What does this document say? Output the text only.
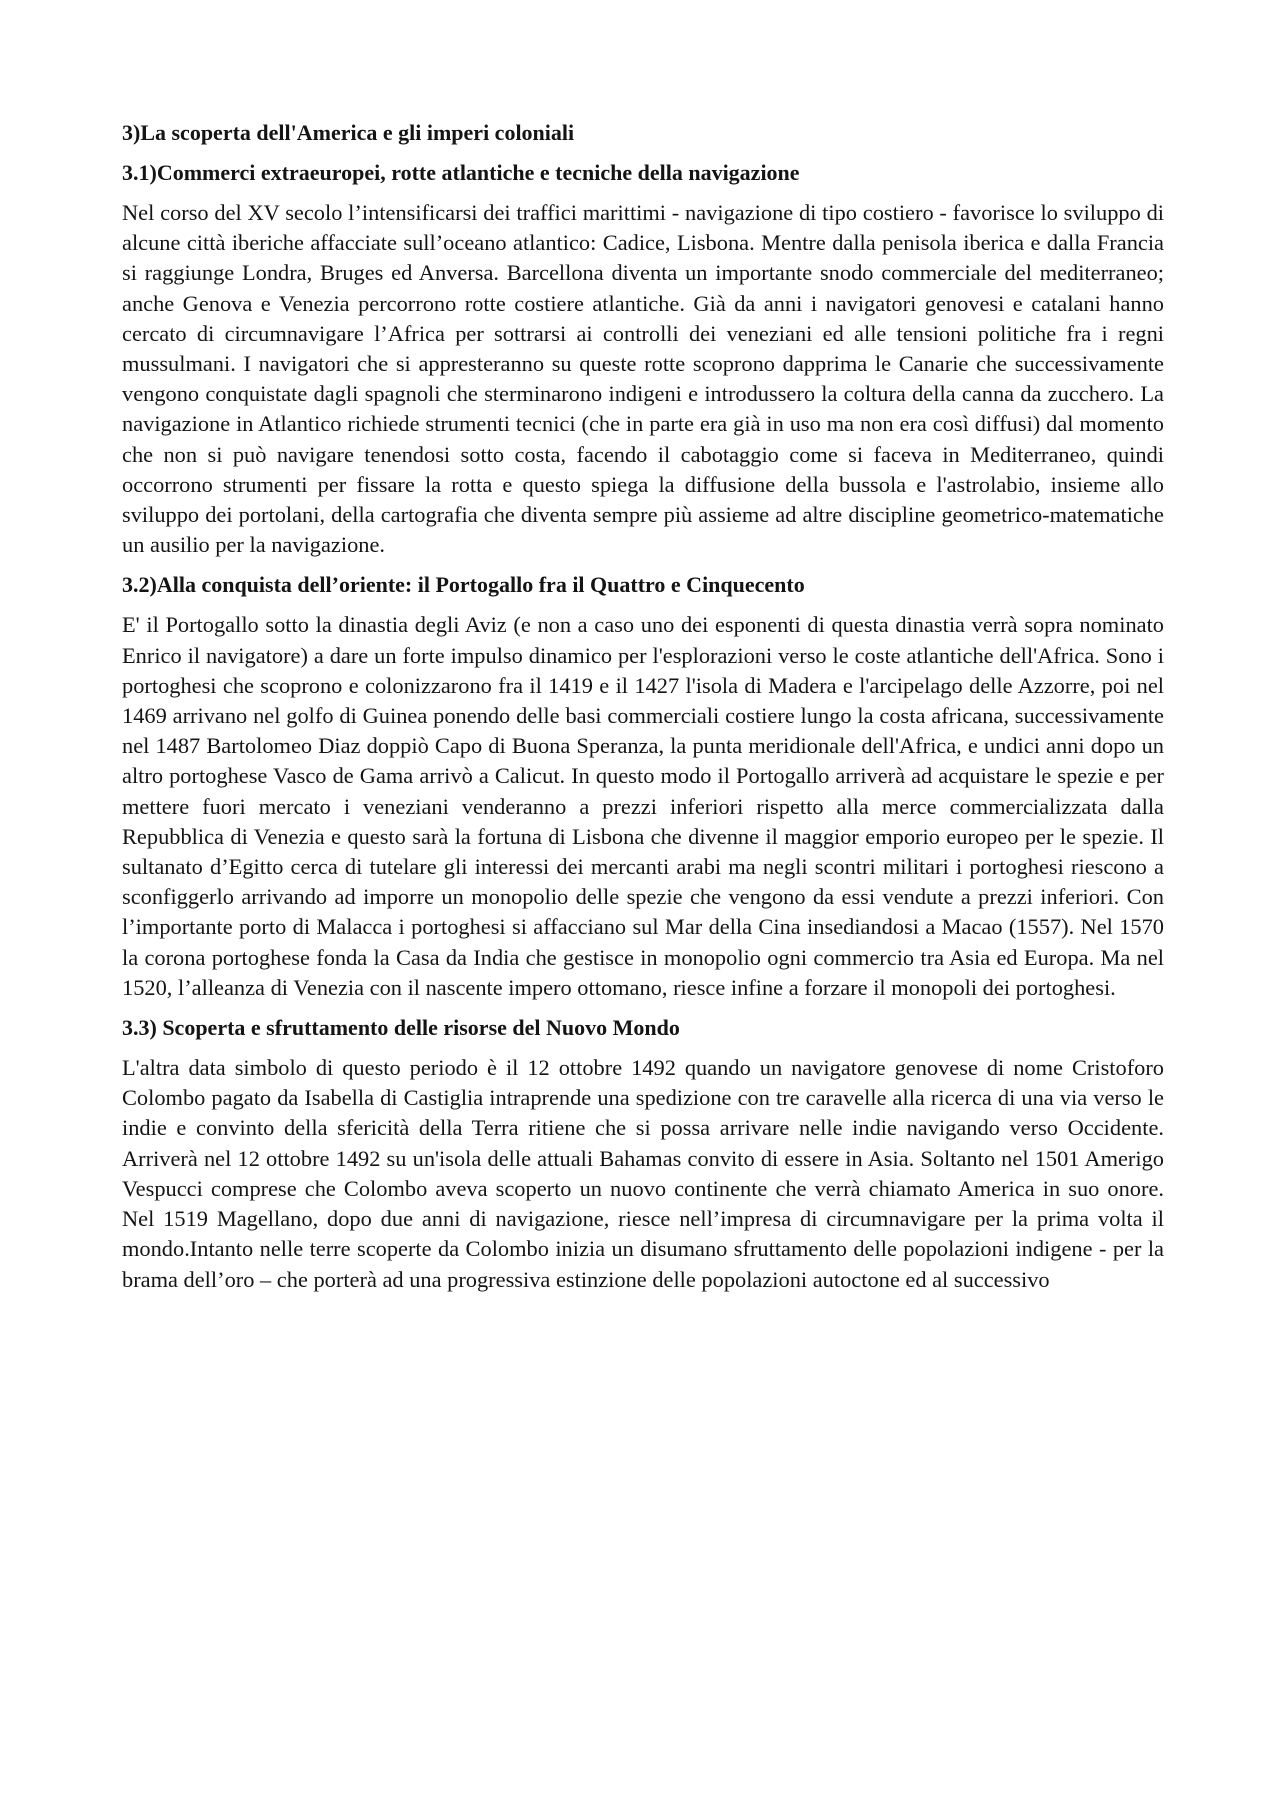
3)La scoperta dell'America e gli imperi coloniali
3.1)Commerci extraeuropei, rotte atlantiche e tecniche della navigazione
Nel corso del XV secolo l’intensificarsi dei traffici marittimi - navigazione di tipo costiero - favorisce lo sviluppo di alcune città iberiche affacciate sull’oceano atlantico: Cadice, Lisbona. Mentre dalla penisola iberica e dalla Francia si raggiunge Londra, Bruges ed Anversa. Barcellona diventa un importante snodo commerciale del mediterraneo; anche Genova e Venezia percorrono rotte costiere atlantiche. Già da anni i navigatori genovesi e catalani hanno cercato di circumnavigare l’Africa per sottrarsi ai controlli dei veneziani ed alle tensioni politiche fra i regni mussulmani. I navigatori che si appresteranno su queste rotte scoprono dapprima le Canarie che successivamente vengono conquistate dagli spagnoli che sterminarono indigeni e introdussero la coltura della canna da zucchero. La navigazione in Atlantico richiede strumenti tecnici (che in parte era già in uso ma non era così diffusi) dal momento che non si può navigare tenendosi sotto costa, facendo il cabotaggio come si faceva in Mediterraneo, quindi occorrono strumenti per fissare la rotta e questo spiega la diffusione della bussola e l'astrolabio, insieme allo sviluppo dei portolani, della cartografia che diventa sempre più assieme ad altre discipline geometrico-matematiche un ausilio per la navigazione.
3.2)Alla conquista dell’oriente: il Portogallo fra il Quattro e Cinquecento
E' il Portogallo sotto la dinastia degli Aviz (e non a caso uno dei esponenti di questa dinastia verrà sopra nominato Enrico il navigatore) a dare un forte impulso dinamico per l'esplorazioni verso le coste atlantiche dell'Africa. Sono i portoghesi che scoprono e colonizzarono fra il 1419 e il 1427 l'isola di Madera e l'arcipelago delle Azzorre, poi nel 1469 arrivano nel golfo di Guinea ponendo delle basi commerciali costiere lungo la costa africana, successivamente nel 1487 Bartolomeo Diaz doppiò Capo di Buona Speranza, la punta meridionale dell'Africa, e undici anni dopo un altro portoghese Vasco de Gama arrivò a Calicut. In questo modo il Portogallo arriverà ad acquistare le spezie e per mettere fuori mercato i veneziani venderanno a prezzi inferiori rispetto alla merce commercializzata dalla Repubblica di Venezia e questo sarà la fortuna di Lisbona che divenne il maggior emporio europeo per le spezie. Il sultanato d’Egitto cerca di tutelare gli interessi dei mercanti arabi ma negli scontri militari i portoghesi riescono a sconfiggerlo arrivando ad imporre un monopolio delle spezie che vengono da essi vendute a prezzi inferiori. Con l’importante porto di Malacca i portoghesi si affacciano sul Mar della Cina insediandosi a Macao (1557). Nel 1570 la corona portoghese fonda la Casa da India che gestisce in monopolio ogni commercio tra Asia ed Europa. Ma nel 1520, l’alleanza di Venezia con il nascente impero ottomano, riesce infine a forzare il monopoli dei portoghesi.
3.3) Scoperta e sfruttamento delle risorse del Nuovo Mondo
L'altra data simbolo di questo periodo è il 12 ottobre 1492 quando un navigatore genovese di nome Cristoforo Colombo pagato da Isabella di Castiglia intraprende una spedizione con tre caravelle alla ricerca di una via verso le indie e convinto della sfericità della Terra ritiene che si possa arrivare nelle indie navigando verso Occidente. Arriverà nel 12 ottobre 1492 su un'isola delle attuali Bahamas convito di essere in Asia. Soltanto nel 1501 Amerigo Vespucci comprese che Colombo aveva scoperto un nuovo continente che verrà chiamato America in suo onore. Nel 1519 Magellano, dopo due anni di navigazione, riesce nell’impresa di circumnavigare per la prima volta il mondo.Intanto nelle terre scoperte da Colombo inizia un disumano sfruttamento delle popolazioni indigene - per la brama dell’oro – che porterà ad una progressiva estinzione delle popolazioni autoctone ed al successivo
